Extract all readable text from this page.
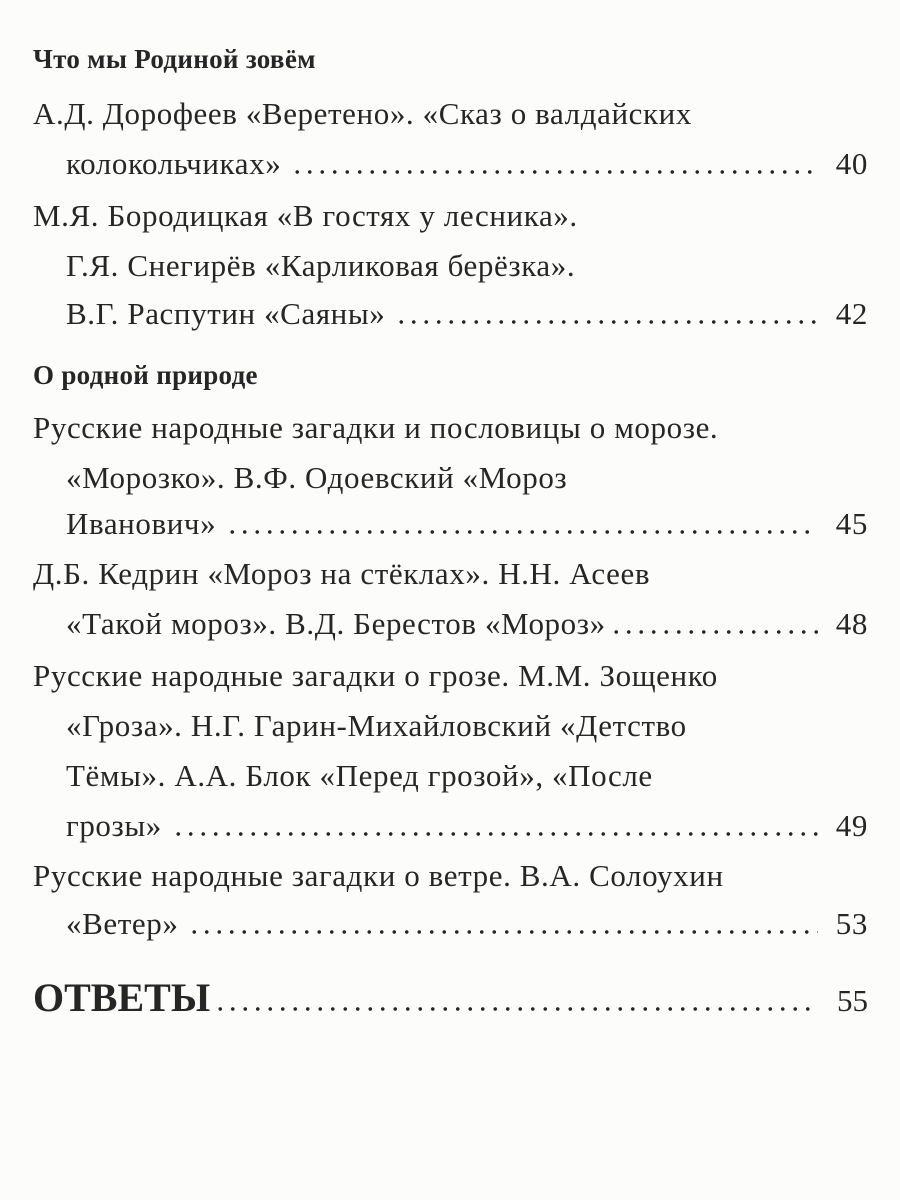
Что мы Родиной зовём
А.Д. Дорофеев «Веретено». «Сказ о валдайских
колокольчиках»	40
М.Я. Бородицкая «В гостях у лесника».
Г.Я. Снегирёв «Карликовая берёзка».
В.Г. Распутин «Саяны»	42
О родной природе
Русские народные загадки и пословицы о морозе.
«Морозко». В.Ф. Одоевский «Мороз
Иванович»	45
Д.Б. Кедрин «Мороз на стёклах». Н.Н. Асеев
«Такой мороз». В.Д. Берестов «Мороз»	48
Русские народные загадки о грозе. М.М. Зощенко
«Гроза». Н.Г. Гарин-Михайловский «Детство
Тёмы». А.А. Блок «Перед грозой», «После
грозы»	49
Русские народные загадки о ветре. В.А. Солоухин
«Ветер»	53
ОТВЕТЫ	55
